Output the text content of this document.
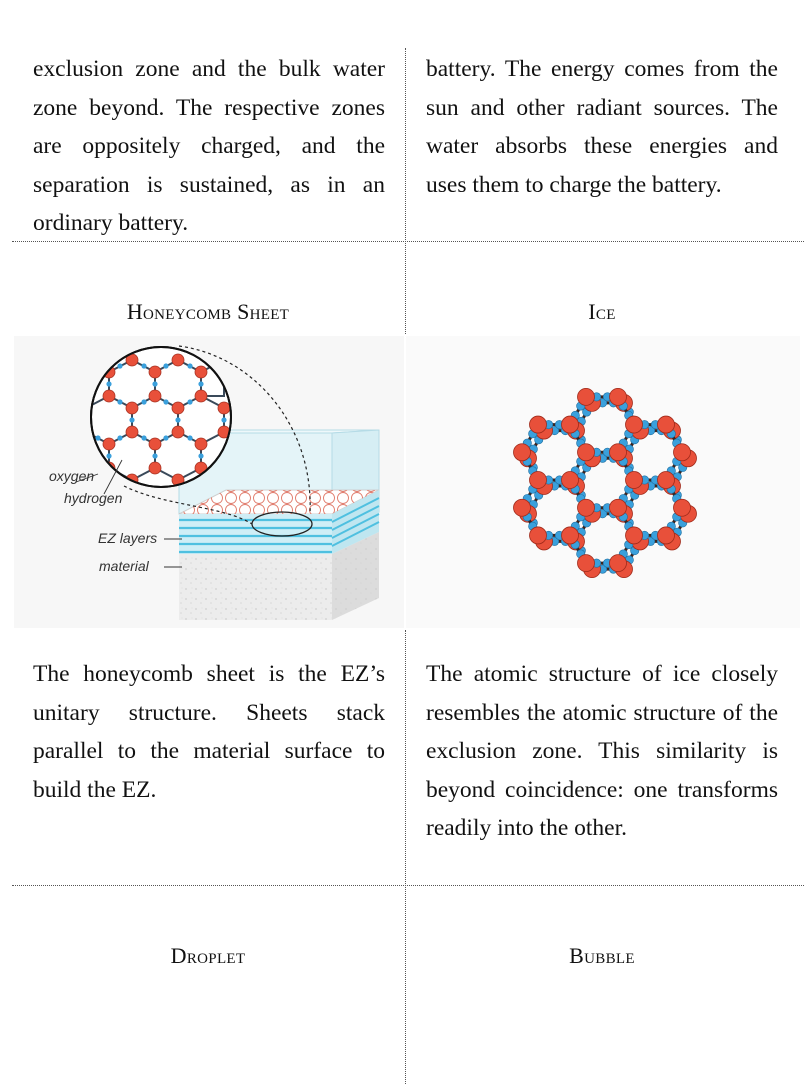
exclusion zone and the bulk water zone beyond. The respective zones are oppositely charged, and the separation is sustained, as in an ordinary battery.

battery. The energy comes from the sun and other radiant sources. The water absorbs these energies and uses them to charge the battery.

Honeycomb Sheet	Ice
oxygen
hydrogen
EZ layers
material

The honeycomb sheet is the EZ’s unitary structure. Sheets stack parallel to the material surface to build the EZ.

The atomic structure of ice closely resembles the atomic structure of the exclusion zone. This similarity is beyond coincidence: one transforms readily into the other.

Droplet	Bubble
